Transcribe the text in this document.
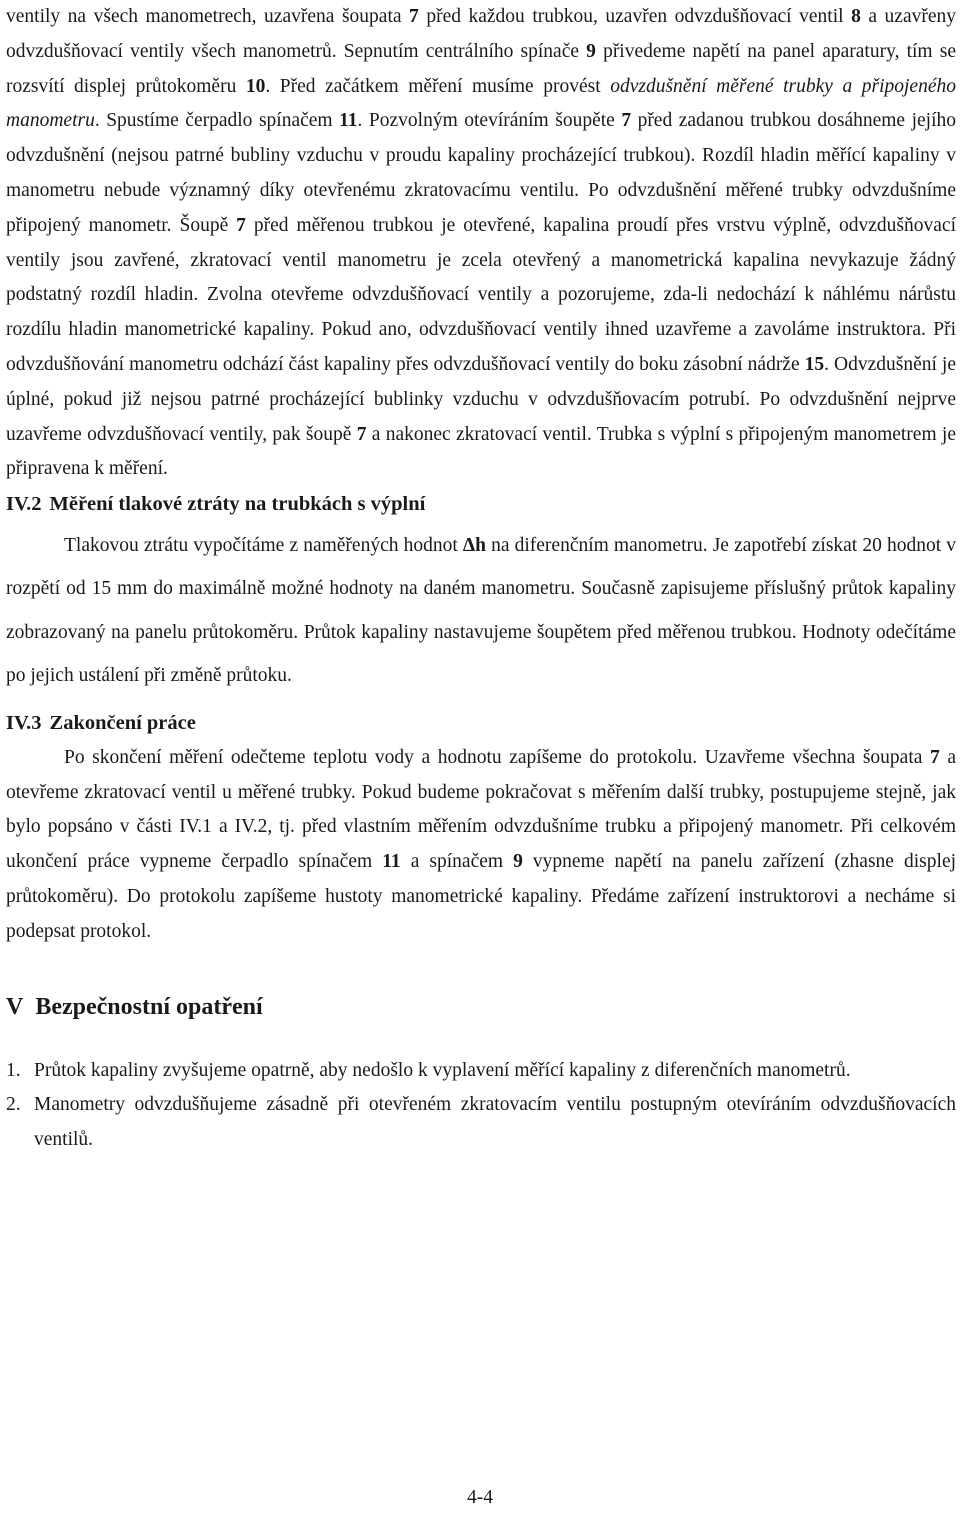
ventily na všech manometrech, uzavřena šoupata 7 před každou trubkou, uzavřen odvzdušňovací ventil 8 a uzavřeny odvzdušňovací ventily všech manometrů. Sepnutím centrálního spínače 9 přivedeme napětí na panel aparatury, tím se rozsvítí displej průtokoměru 10. Před začátkem měření musíme provést odvzdušnění měřené trubky a připojeného manometru. Spustíme čerpadlo spínačem 11. Pozvolným otevíráním šoupěte 7 před zadanou trubkou dosáhneme jejího odvzdušnění (nejsou patrné bubliny vzduchu v proudu kapaliny procházející trubkou). Rozdíl hladin měřící kapaliny v manometru nebude významný díky otevřenému zkratovacímu ventilu. Po odvzdušnění měřené trubky odvzdušníme připojený manometr. Šoupě 7 před měřenou trubkou je otevřené, kapalina proudí přes vrstvu výplně, odvzdušňovací ventily jsou zavřené, zkratovací ventil manometru je zcela otevřený a manometrická kapalina nevykazuje žádný podstatný rozdíl hladin. Zvolna otevřeme odvzdušňovací ventily a pozorujeme, zda-li nedochází k náhlému nárůstu rozdílu hladin manometrické kapaliny. Pokud ano, odvzdušňovací ventily ihned uzavřeme a zavoláme instruktora. Při odvzdušňování manometru odchází část kapaliny přes odvzdušňovací ventily do boku zásobní nádrže 15. Odvzdušnění je úplné, pokud již nejsou patrné procházející bublinky vzduchu v odvzdušňovacím potrubí. Po odvzdušnění nejprve uzavřeme odvzdušňovací ventily, pak šoupě 7 a nakonec zkratovací ventil. Trubka s výplní s připojeným manometrem je připravena k měření.

IV.2 Měření tlakové ztráty na trubkách s výplní

Tlakovou ztrátu vypočítáme z naměřených hodnot Δh na diferenčním manometru. Je zapotřebí získat 20 hodnot v rozpětí od 15 mm do maximálně možné hodnoty na daném manometru. Současně zapisujeme příslušný průtok kapaliny zobrazovaný na panelu průtokoměru. Průtok kapaliny nastavujeme šoupětem před měřenou trubkou. Hodnoty odečítáme po jejich ustálení při změně průtoku.

IV.3 Zakončení práce

Po skončení měření odečteme teplotu vody a hodnotu zapíšeme do protokolu. Uzavřeme všechna šoupata 7 a otevřeme zkratovací ventil u měřené trubky. Pokud budeme pokračovat s měřením další trubky, postupujeme stejně, jak bylo popsáno v části IV.1 a IV.2, tj. před vlastním měřením odvzdušníme trubku a připojený manometr. Při celkovém ukončení práce vypneme čerpadlo spínačem 11 a spínačem 9 vypneme napětí na panelu zařízení (zhasne displej průtokoměru). Do protokolu zapíšeme hustoty manometrické kapaliny. Předáme zařízení instruktorovi a necháme si podepsat protokol.

V Bezpečnostní opatření
1. Průtok kapaliny zvyšujeme opatrně, aby nedošlo k vyplavení měřící kapaliny z diferenčních manometrů.
2. Manometry odvzdušňujeme zásadně při otevřeném zkratovacím ventilu postupným otevíráním odvzdušňovacích ventilů.
4-4
